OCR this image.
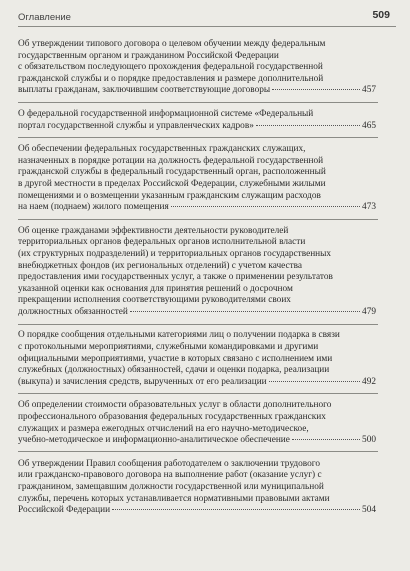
Оглавление	509
Об утверждении типового договора о целевом обучении между федеральным
государственным органом и гражданином Российской Федерации
с обязательством последующего прохождения федеральной государственной
гражданской службы и о порядке предоставления и размере дополнительной
выплаты гражданам, заключившим соответствующие договоры	457
О федеральной государственной информационной системе «Федеральный
портал государственной службы и управленческих кадров»	465
Об обеспечении федеральных государственных гражданских служащих,
назначенных в порядке ротации на должность федеральной государственной
гражданской службы в федеральный государственный орган, расположенный
в другой местности в пределах Российской Федерации, служебными жилыми
помещениями и о возмещении указанным гражданским служащим расходов
на наем (поднаем) жилого помещения	473
Об оценке гражданами эффективности деятельности руководителей
территориальных органов федеральных органов исполнительной власти
(их структурных подразделений) и территориальных органов государственных
внебюджетных фондов (их региональных отделений) с учетом качества
предоставления ими государственных услуг, а также о применении результатов
указанной оценки как основания для принятия решений о досрочном
прекращении исполнения соответствующими руководителями своих
должностных обязанностей	479
О порядке сообщения отдельными категориями лиц о получении подарка в связи
с протокольными мероприятиями, служебными командировками и другими
официальными мероприятиями, участие в которых связано с исполнением ими
служебных (должностных) обязанностей, сдачи и оценки подарка, реализации
(выкупа) и зачисления средств, вырученных от его реализации	492
Об определении стоимости образовательных услуг в области дополнительного
профессионального образования федеральных государственных гражданских
служащих и размера ежегодных отчислений на его научно-методическое,
учебно-методическое и информационно-аналитическое обеспечение	500
Об утверждении Правил сообщения работодателем о заключении трудового
или гражданско-правового договора на выполнение работ (оказание услуг) с
гражданином, замещавшим должности государственной или муниципальной
службы, перечень которых устанавливается нормативными правовыми актами
Российской Федерации	504
